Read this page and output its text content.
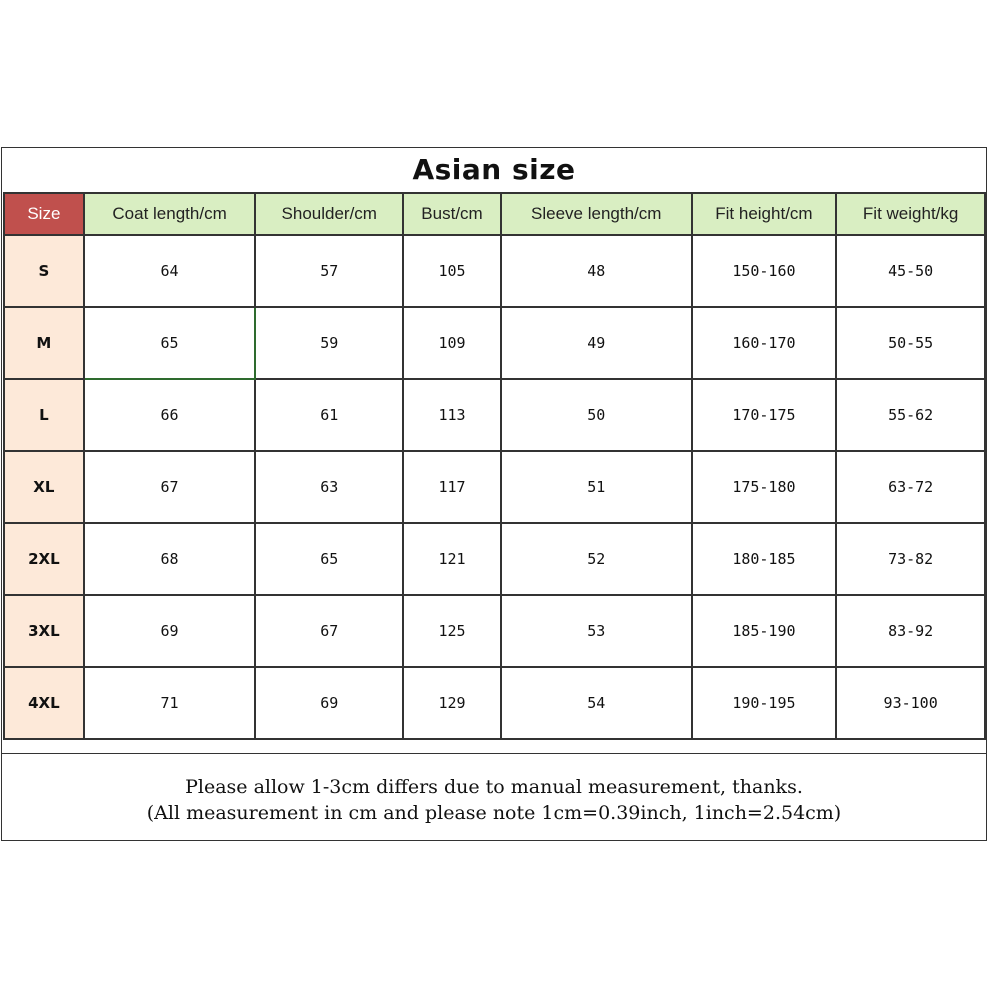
Asian size
Size	Coat length/cm	Shoulder/cm	Bust/cm	Sleeve length/cm	Fit height/cm	Fit weight/kg
S	64	57	105	48	150-160	45-50
M	65	59	109	49	160-170	50-55
L	66	61	113	50	170-175	55-62
XL	67	63	117	51	175-180	63-72
2XL	68	65	121	52	180-185	73-82
3XL	69	67	125	53	185-190	83-92
4XL	71	69	129	54	190-195	93-100
Please allow 1-3cm differs due to manual measurement, thanks.
(All measurement in cm and please note 1cm=0.39inch, 1inch=2.54cm)
